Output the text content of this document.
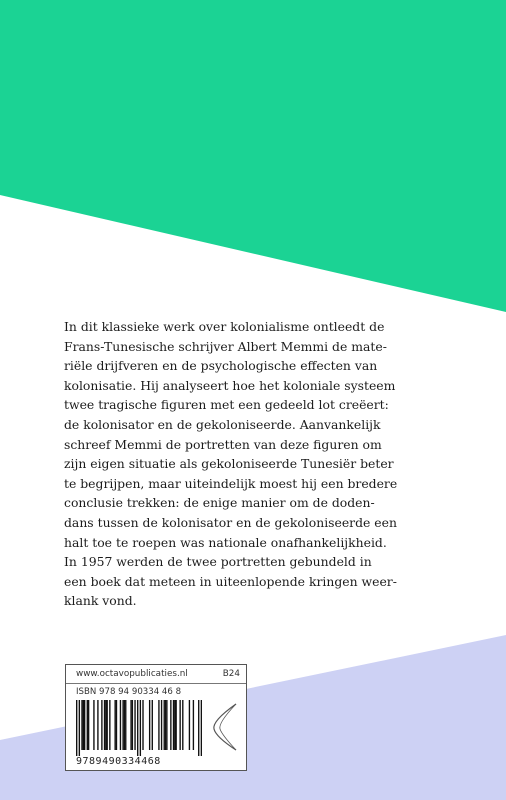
In dit klassieke werk over kolonialisme ontleedt de
Frans-Tunesische schrijver Albert Memmi de mate-
riële drijfveren en de psychologische effecten van
kolonisatie. Hij analyseert hoe het koloniale systeem
twee tragische figuren met een gedeeld lot creëert:
de kolonisator en de gekoloniseerde. Aanvankelijk
schreef Memmi de portretten van deze figuren om
zijn eigen situatie als gekoloniseerde Tunesiër beter
te begrijpen, maar uiteindelijk moest hij een bredere
conclusie trekken: de enige manier om de doden-
dans tussen de kolonisator en de gekoloniseerde een
halt toe te roepen was nationale onafhankelijkheid.
In 1957 werden de twee portretten gebundeld in
een boek dat meteen in uiteenlopende kringen weer-
klank vond.
www.octavopublicaties.nl	B24
ISBN 978 94 90334 46 8
9789490334468
